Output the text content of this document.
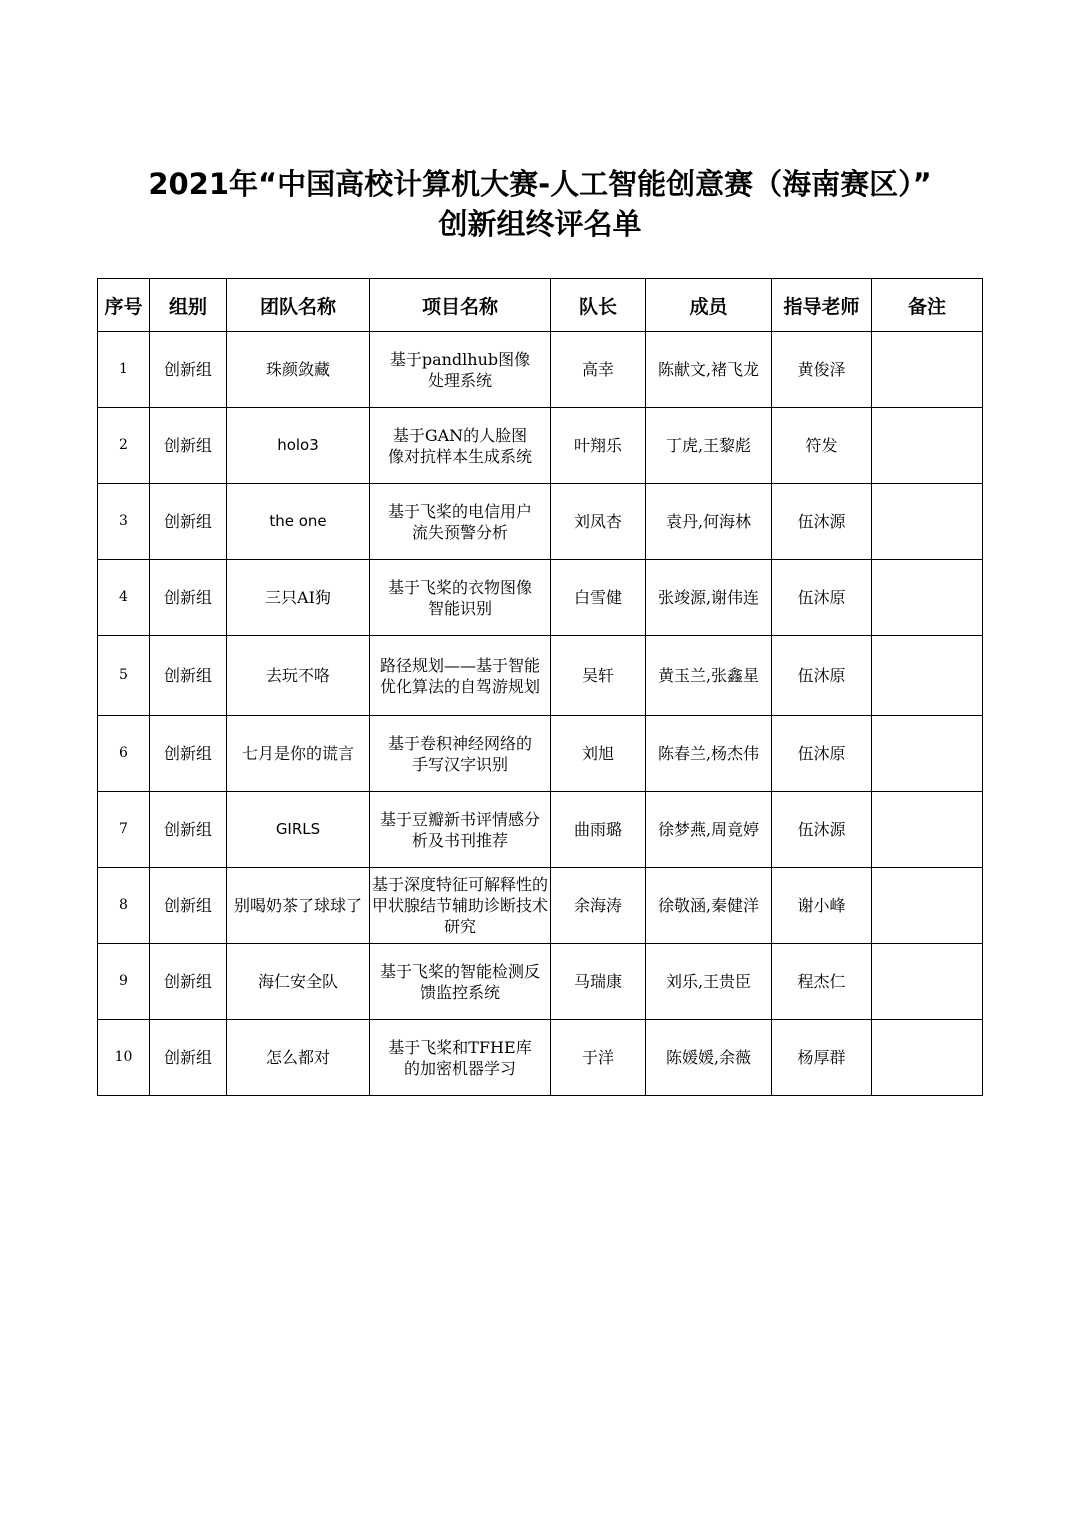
2021年“中国高校计算机大赛-人工智能创意赛（海南赛区）”
创新组终评名单
序号	组别	团队名称	项目名称	队长	成员	指导老师	备注
1	创新组	珠颜敛藏	基于pandlhub图像处理系统	高幸	陈献文,褚飞龙	黄俊泽	
2	创新组	holo3	基于GAN的人脸图像对抗样本生成系统	叶翔乐	丁虎,王黎彪	符发	
3	创新组	the one	基于飞桨的电信用户流失预警分析	刘凤杏	袁丹,何海林	伍沐源	
4	创新组	三只AI狗	基于飞桨的衣物图像智能识别	白雪健	张竣源,谢伟连	伍沐原	
5	创新组	去玩不咯	路径规划——基于智能优化算法的自驾游规划	吴轩	黄玉兰,张鑫星	伍沐原	
6	创新组	七月是你的谎言	基于卷积神经网络的手写汉字识别	刘旭	陈春兰,杨杰伟	伍沐原	
7	创新组	GIRLS	基于豆瓣新书评情感分析及书刊推荐	曲雨璐	徐梦燕,周竟婷	伍沐源	
8	创新组	别喝奶茶了球球了	基于深度特征可解释性的甲状腺结节辅助诊断技术研究	余海涛	徐敬涵,秦健洋	谢小峰	
9	创新组	海仁安全队	基于飞桨的智能检测反馈监控系统	马瑞康	刘乐,王贵臣	程杰仁	
10	创新组	怎么都对	基于飞桨和TFHE库的加密机器学习	于洋	陈媛媛,余薇	杨厚群	
